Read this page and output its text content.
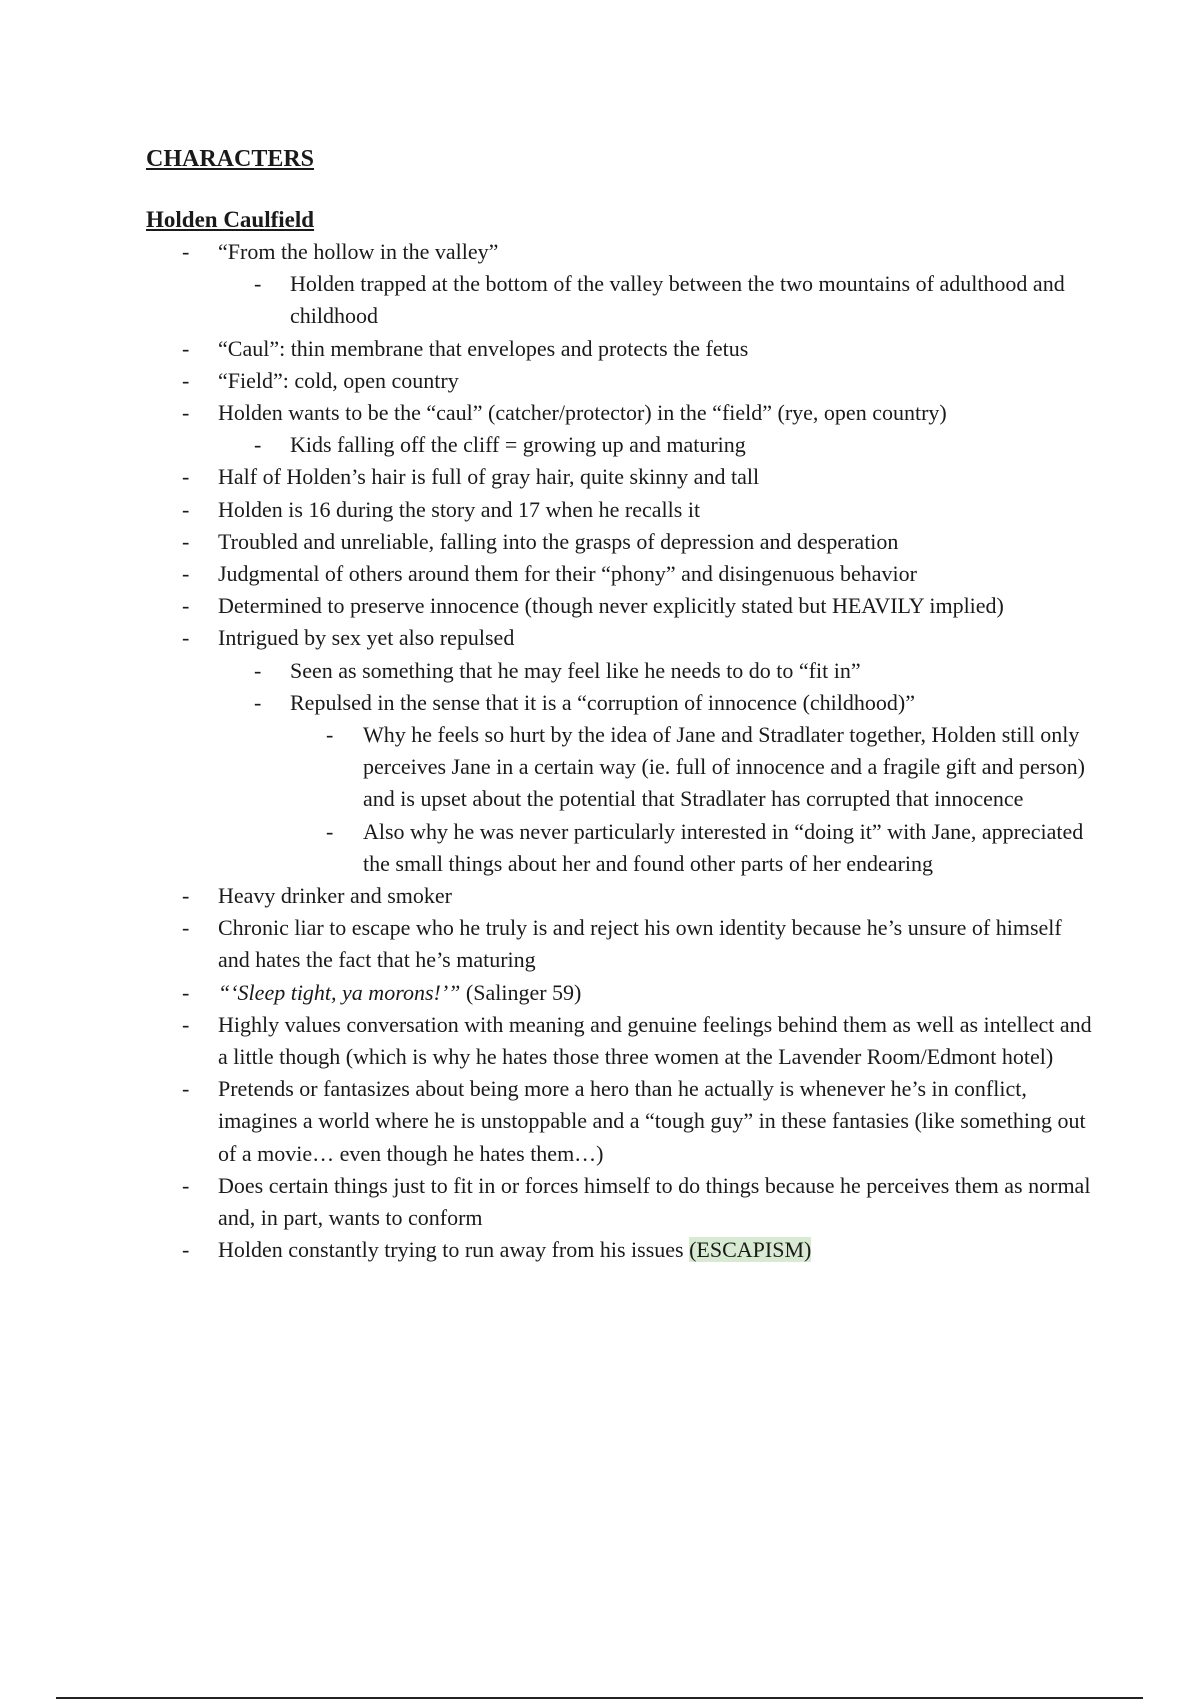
CHARACTERS
Holden Caulfield
- “From the hollow in the valley”
- Holden trapped at the bottom of the valley between the two mountains of adulthood and childhood
- “Caul”: thin membrane that envelopes and protects the fetus
- “Field”: cold, open country
- Holden wants to be the “caul” (catcher/protector) in the “field” (rye, open country)
- Kids falling off the cliff = growing up and maturing
- Half of Holden’s hair is full of gray hair, quite skinny and tall
- Holden is 16 during the story and 17 when he recalls it
- Troubled and unreliable, falling into the grasps of depression and desperation
- Judgmental of others around them for their “phony” and disingenuous behavior
- Determined to preserve innocence (though never explicitly stated but HEAVILY implied)
- Intrigued by sex yet also repulsed
- Seen as something that he may feel like he needs to do to “fit in”
- Repulsed in the sense that it is a “corruption of innocence (childhood)”
- Why he feels so hurt by the idea of Jane and Stradlater together, Holden still only perceives Jane in a certain way (ie. full of innocence and a fragile gift and person) and is upset about the potential that Stradlater has corrupted that innocence
- Also why he was never particularly interested in “doing it” with Jane, appreciated the small things about her and found other parts of her endearing
- Heavy drinker and smoker
- Chronic liar to escape who he truly is and reject his own identity because he’s unsure of himself and hates the fact that he’s maturing
- “‘Sleep tight, ya morons!’” (Salinger 59)
- Highly values conversation with meaning and genuine feelings behind them as well as intellect and a little though (which is why he hates those three women at the Lavender Room/Edmont hotel)
- Pretends or fantasizes about being more a hero than he actually is whenever he’s in conflict, imagines a world where he is unstoppable and a “tough guy” in these fantasies (like something out of a movie… even though he hates them…)
- Does certain things just to fit in or forces himself to do things because he perceives them as normal and, in part, wants to conform
- Holden constantly trying to run away from his issues (ESCAPISM)
